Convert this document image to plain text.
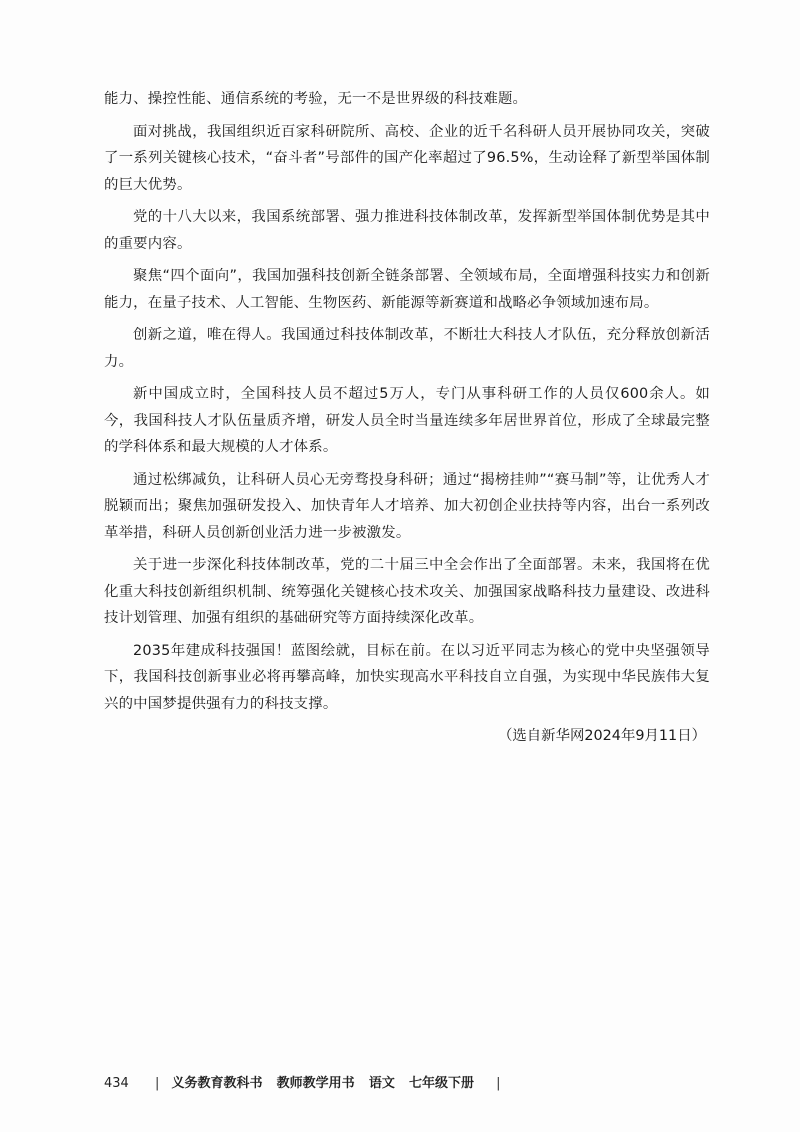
能力、操控性能、通信系统的考验，无一不是世界级的科技难题。

面对挑战，我国组织近百家科研院所、高校、企业的近千名科研人员开展协同攻关，突破了一系列关键核心技术，“奋斗者”号部件的国产化率超过了96.5%，生动诠释了新型举国体制的巨大优势。

党的十八大以来，我国系统部署、强力推进科技体制改革，发挥新型举国体制优势是其中的重要内容。

聚焦“四个面向”，我国加强科技创新全链条部署、全领域布局，全面增强科技实力和创新能力，在量子技术、人工智能、生物医药、新能源等新赛道和战略必争领域加速布局。

创新之道，唯在得人。我国通过科技体制改革，不断壮大科技人才队伍，充分释放创新活力。

新中国成立时，全国科技人员不超过5万人，专门从事科研工作的人员仅600余人。如今，我国科技人才队伍量质齐增，研发人员全时当量连续多年居世界首位，形成了全球最完整的学科体系和最大规模的人才体系。

通过松绑减负，让科研人员心无旁骛投身科研；通过“揭榜挂帅”“赛马制”等，让优秀人才脱颖而出；聚焦加强研发投入、加快青年人才培养、加大初创企业扶持等内容，出台一系列改革举措，科研人员创新创业活力进一步被激发。

关于进一步深化科技体制改革，党的二十届三中全会作出了全面部署。未来，我国将在优化重大科技创新组织机制、统筹强化关键核心技术攻关、加强国家战略科技力量建设、改进科技计划管理、加强有组织的基础研究等方面持续深化改革。

2035年建成科技强国！蓝图绘就，目标在前。在以习近平同志为核心的党中央坚强领导下，我国科技创新事业必将再攀高峰，加快实现高水平科技自立自强，为实现中华民族伟大复兴的中国梦提供强有力的科技支撑。

（选自新华网2024年9月11日）

434 | 义务教育教科书 教师教学用书 语文 七年级下册 |
